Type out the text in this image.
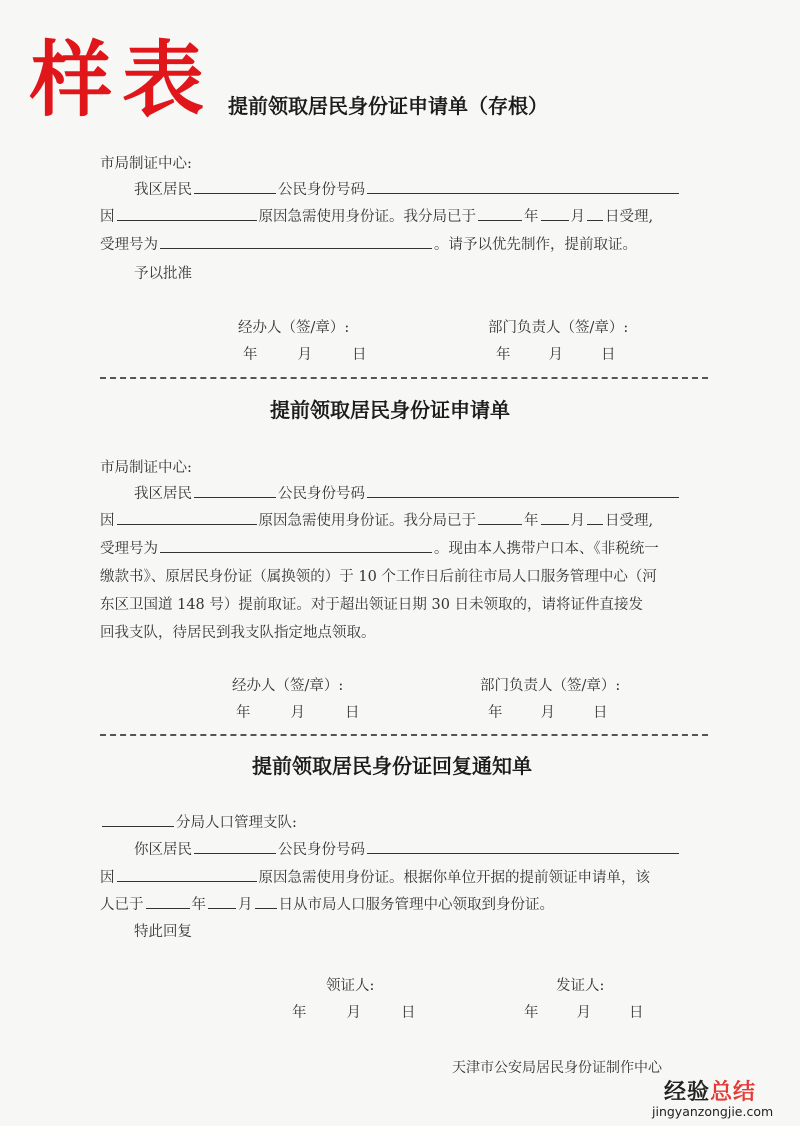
样表 提前领取居民身份证申请单（存根）
市局制证中心:
我区居民	公民身份号码
因	原因急需使用身份证。我分局已于	年 月 日受理,
受理号为	。请予以优先制作，提前取证。
予以批准
经办人（签/章）:	部门负责人（签/章）:
年	月	日	年	月	日
提前领取居民身份证申请单
市局制证中心:
我区居民	公民身份号码
因	原因急需使用身份证。我分局已于	年 月 日受理,
受理号为	。现由本人携带户口本、《非税统一
缴款书》、原居民身份证（属换领的）于 10 个工作日后前往市局人口服务管理中心（河
东区卫国道 148 号）提前取证。对于超出领证日期 30 日未领取的，请将证件直接发
回我支队，待居民到我支队指定地点领取。
经办人（签/章）:	部门负责人（签/章）:
年	月	日	年	月	日
提前领取居民身份证回复通知单
分局人口管理支队:
你区居民	公民身份号码
因	原因急需使用身份证。根据你单位开据的提前领证申请单，该
人已于	年 月 日从市局人口服务管理中心领取到身份证。
特此回复
领证人:	发证人:
年	月	日	年	月	日
天津市公安局居民身份证制作中心
经验总结
jingyanzongjie.com
